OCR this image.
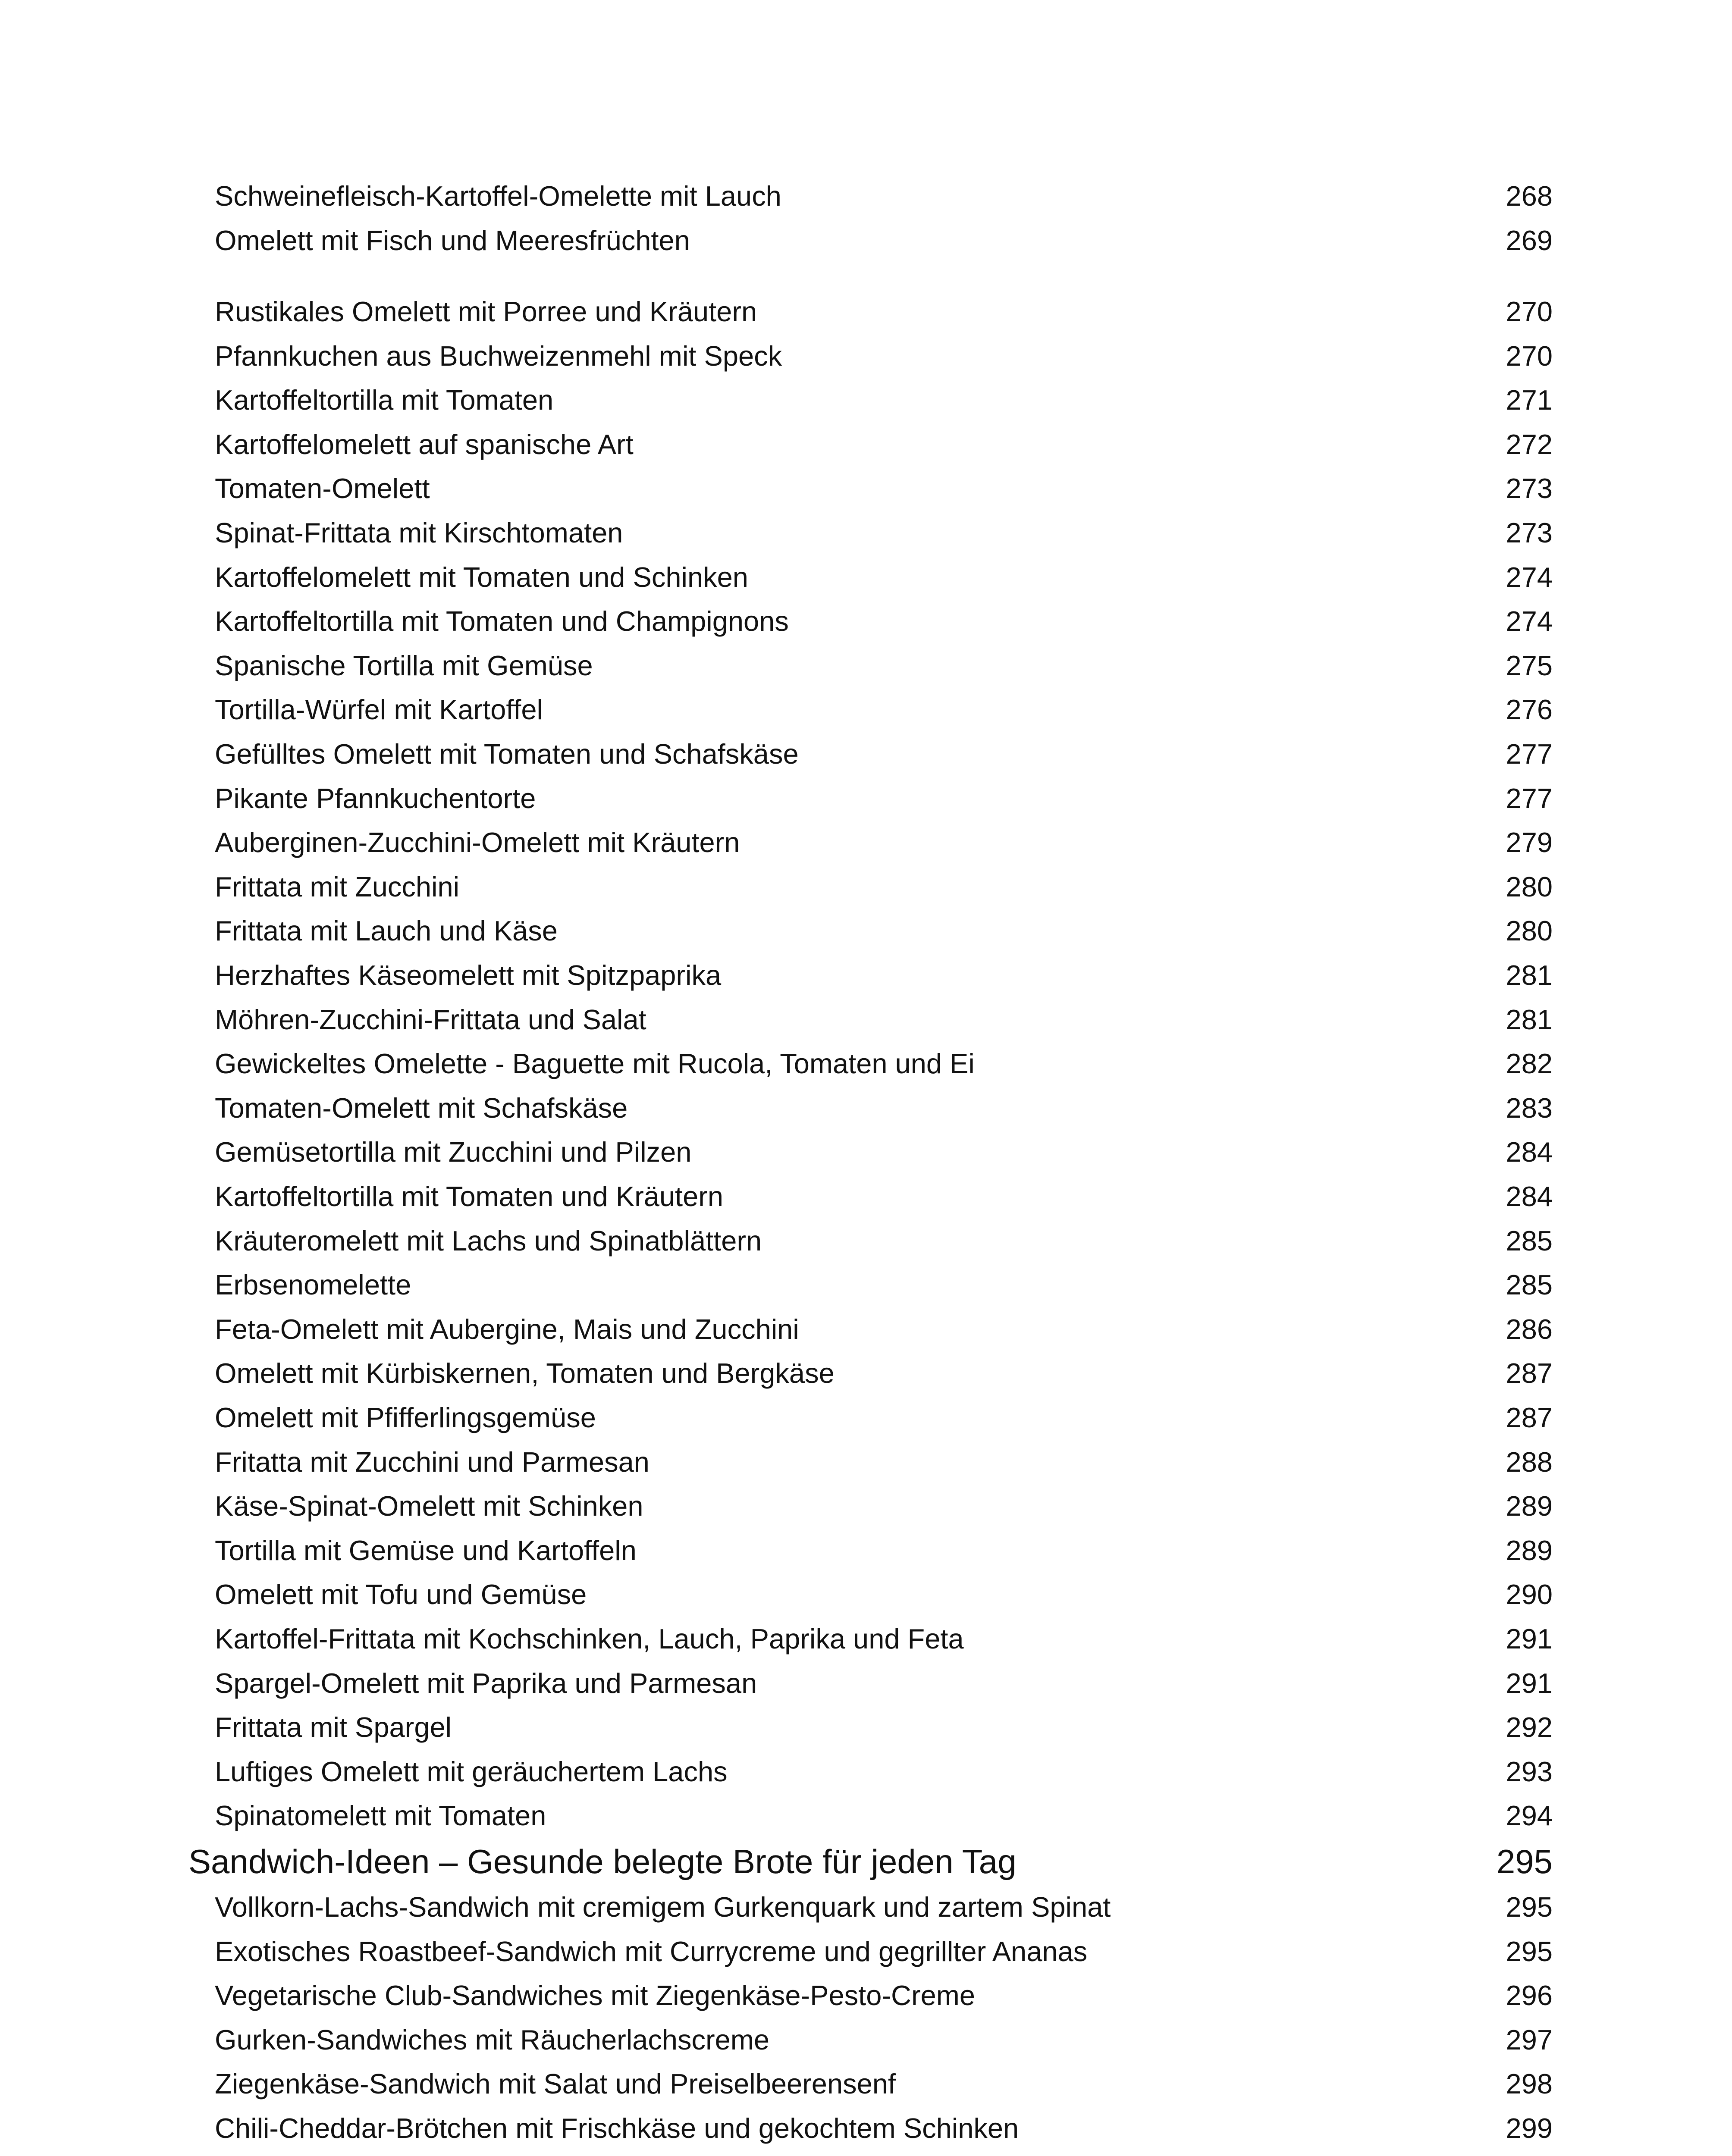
Schweinefleisch-Kartoffel-Omelette mit Lauch	268
Omelett mit Fisch und Meeresfrüchten	269
Rustikales Omelett mit Porree und Kräutern	270
Pfannkuchen aus Buchweizenmehl mit Speck	270
Kartoffeltortilla mit Tomaten	271
Kartoffelomelett auf spanische Art	272
Tomaten-Omelett	273
Spinat-Frittata mit Kirschtomaten	273
Kartoffelomelett mit Tomaten und Schinken	274
Kartoffeltortilla mit Tomaten und Champignons	274
Spanische Tortilla mit Gemüse	275
Tortilla-Würfel mit Kartoffel	276
Gefülltes Omelett mit Tomaten und Schafskäse	277
Pikante Pfannkuchentorte	277
Auberginen-Zucchini-Omelett mit Kräutern	279
Frittata mit Zucchini	280
Frittata mit Lauch und Käse	280
Herzhaftes Käseomelett mit Spitzpaprika	281
Möhren-Zucchini-Frittata und Salat	281
Gewickeltes Omelette - Baguette mit Rucola, Tomaten und Ei	282
Tomaten-Omelett mit Schafskäse	283
Gemüsetortilla mit Zucchini und Pilzen	284
Kartoffeltortilla mit Tomaten und Kräutern	284
Kräuteromelett mit Lachs und Spinatblättern	285
Erbsenomelette	285
Feta-Omelett mit Aubergine, Mais und Zucchini	286
Omelett mit Kürbiskernen, Tomaten und Bergkäse	287
Omelett mit Pfifferlingsgemüse	287
Fritatta mit Zucchini und Parmesan	288
Käse-Spinat-Omelett mit Schinken	289
Tortilla mit Gemüse und Kartoffeln	289
Omelett mit Tofu und Gemüse	290
Kartoffel-Frittata mit Kochschinken, Lauch, Paprika und Feta	291
Spargel-Omelett mit Paprika und Parmesan	291
Frittata mit Spargel	292
Luftiges Omelett mit geräuchertem Lachs	293
Spinatomelett mit Tomaten	294
Sandwich-Ideen – Gesunde belegte Brote für jeden Tag	295
Vollkorn-Lachs-Sandwich mit cremigem Gurkenquark und zartem Spinat	295
Exotisches Roastbeef-Sandwich mit Currycreme und gegrillter Ananas	295
Vegetarische Club-Sandwiches mit Ziegenkäse-Pesto-Creme	296
Gurken-Sandwiches mit Räucherlachscreme	297
Ziegenkäse-Sandwich mit Salat und Preiselbeerensenf	298
Chili-Cheddar-Brötchen mit Frischkäse und gekochtem Schinken	299
